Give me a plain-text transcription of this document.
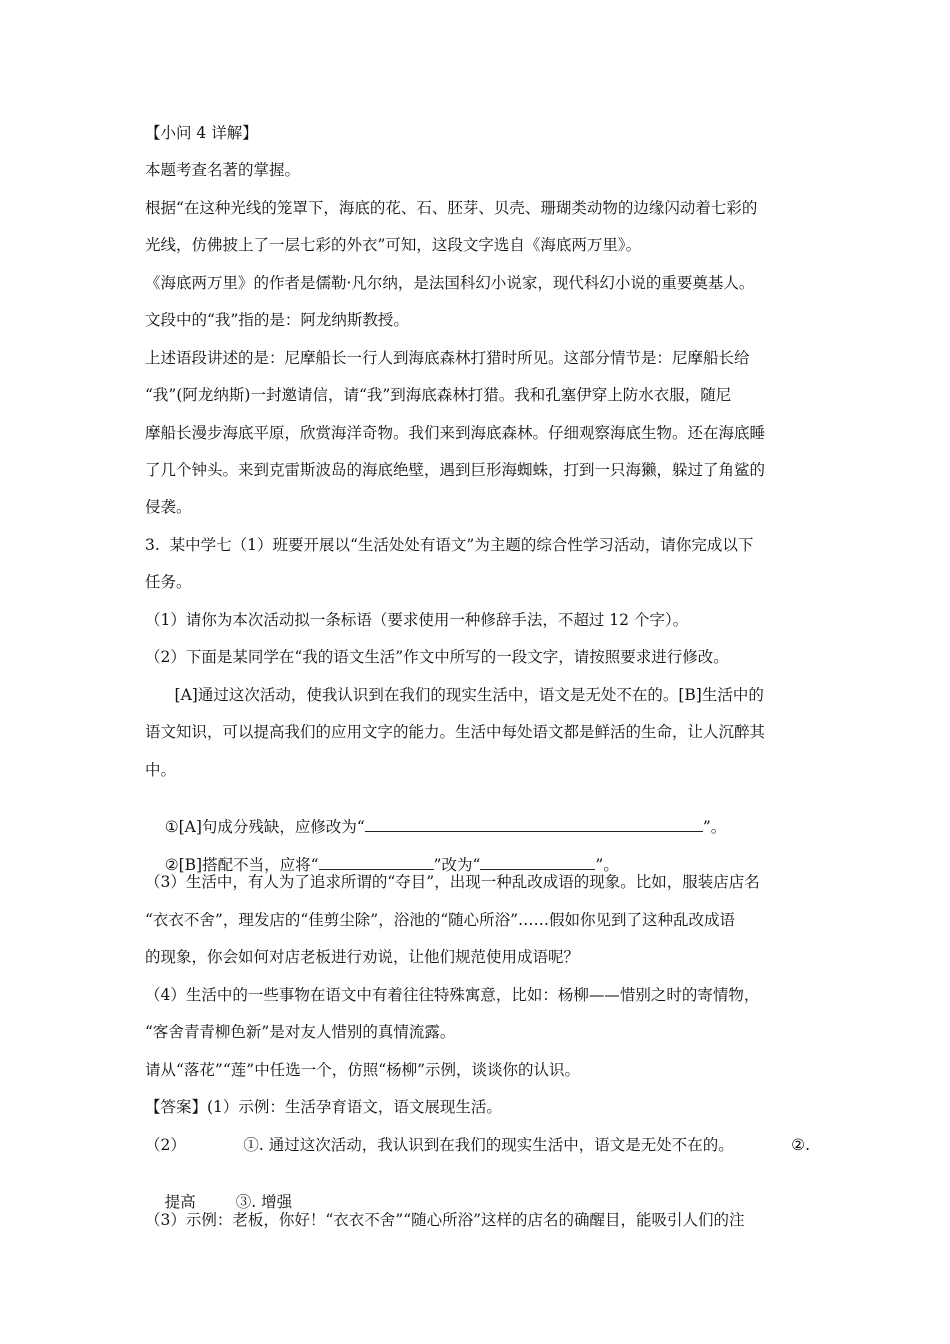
【小问 4 详解】
本题考查名著的掌握。
根据“在这种光线的笼罩下，海底的花、石、胚芽、贝壳、珊瑚类动物的边缘闪动着七彩的
光线，仿佛披上了一层七彩的外衣”可知，这段文字选自《海底两万里》。
《海底两万里》的作者是儒勒·凡尔纳，是法国科幻小说家，现代科幻小说的重要奠基人。
文段中的“我”指的是：阿龙纳斯教授。
上述语段讲述的是：尼摩船长一行人到海底森林打猎时所见。这部分情节是：尼摩船长给
“我”(阿龙纳斯)一封邀请信，请“我”到海底森林打猎。我和孔塞伊穿上防水衣服，随尼
摩船长漫步海底平原，欣赏海洋奇物。我们来到海底森林。仔细观察海底生物。还在海底睡
了几个钟头。来到克雷斯波岛的海底绝壁，遇到巨形海蜘蛛，打到一只海獭，躲过了角鲨的
侵袭。
3.  某中学七（1）班要开展以“生活处处有语文”为主题的综合性学习活动，请你完成以下
任务。
（1）请你为本次活动拟一条标语（要求使用一种修辞手法，不超过 12 个字）。
（2）下面是某同学在“我的语文生活”作文中所写的一段文字，请按照要求进行修改。
[A]通过这次活动，使我认识到在我们的现实生活中，语文是无处不在的。[B]生活中的
语文知识，可以提高我们的应用文字的能力。生活中每处语文都是鲜活的生命，让人沉醉其
中。

①[A]句成分残缺，应修改为“	”。

②[B]搭配不当，应将“	”改为“	”。

（3）生活中，有人为了追求所谓的“夺目”，出现一种乱改成语的现象。比如，服装店店名
“衣衣不舍”，理发店的“佳剪尘除”，浴池的“随心所浴”……假如你见到了这种乱改成语
的现象，你会如何对店老板进行劝说，让他们规范使用成语呢？
（4）生活中的一些事物在语文中有着往往特殊寓意，比如：杨柳——惜别之时的寄情物，
“客舍青青柳色新”是对友人惜别的真情流露。
请从“落花”“莲”中任选一个，仿照“杨柳”示例，谈谈你的认识。
【答案】(1）示例：生活孕育语文，语文展现生活。
（2）	①. 通过这次活动，我认识到在我们的现实生活中，语文是无处不在的。	②.

提高	③. 增强

（3）示例：老板，你好！“衣衣不舍”“随心所浴”这样的店名的确醒目，能吸引人们的注
